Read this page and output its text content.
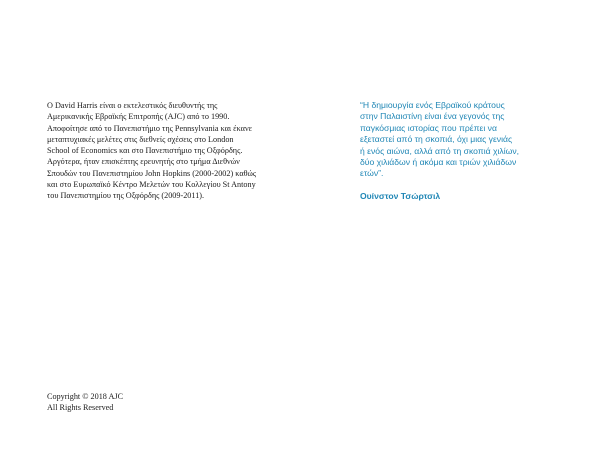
Ο David Harris είναι ο εκτελεστικός διευθυντής της
Αμερικανικής Εβραϊκής Επιτροπής (AJC) από το 1990.
Αποφοίτησε από το Πανεπιστήμιο της Pennsylvania και έκανε
μεταπτυχιακές μελέτες στις διεθνείς σχέσεις στο London
School of Economics και στο Πανεπιστήμιο της Οξφόρδης.
Αργότερα, ήταν επισκέπτης ερευνητής στο τμήμα Διεθνών
Σπουδών του Πανεπιστημίου John Hopkins (2000-2002) καθώς
και στο Ευρωπαϊκό Κέντρο Μελετών του Κολλεγίου St Antony
του Πανεπιστημίου της Οξφόρδης (2009-2011).

“Η δημιουργία ενός Εβραϊκού κράτους
στην Παλαιστίνη είναι ένα γεγονός της
παγκόσμιας ιστορίας που πρέπει να
εξεταστεί από τη σκοπιά, όχι μιας γενιάς
ή ενός αιώνα, αλλά από τη σκοπιά χιλίων,
δύο χιλιάδων ή ακόμα και τριών χιλιάδων
ετών”.

Ουίνστον Τσώρτσιλ

Copyright © 2018 AJC
All Rights Reserved
